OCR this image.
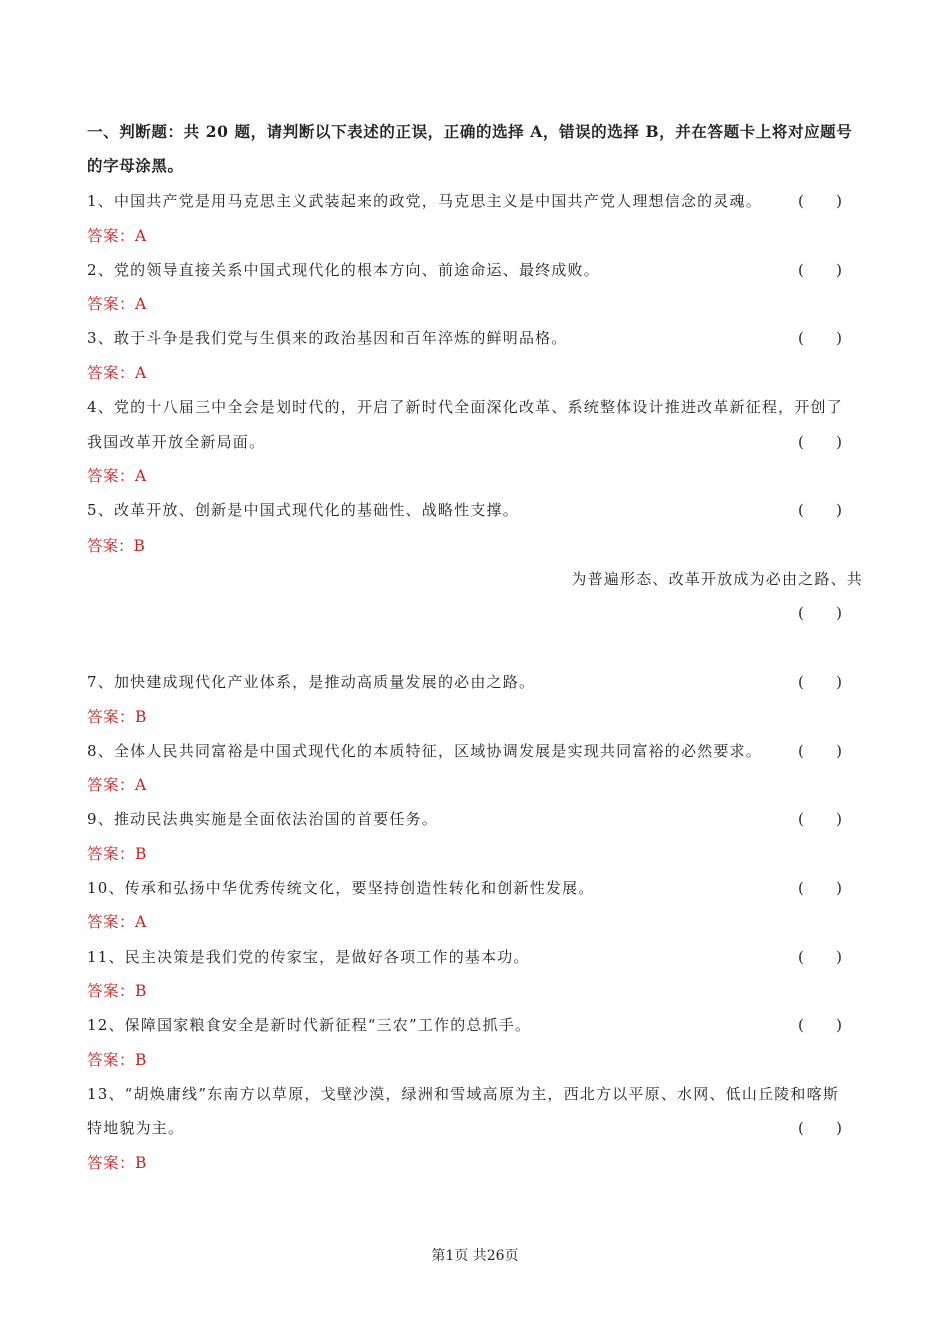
一、判断题：共 20 题，请判断以下表述的正误，正确的选择 A，错误的选择 B，并在答题卡上将对应题号
的字母涂黑。
1、中国共产党是用马克思主义武装起来的政党，马克思主义是中国共产党人理想信念的灵魂。	( )
答案：A
2、党的领导直接关系中国式现代化的根本方向、前途命运、最终成败。	( )
答案：A
3、敢于斗争是我们党与生俱来的政治基因和百年淬炼的鲜明品格。	( )
答案：A
4、党的十八届三中全会是划时代的，开启了新时代全面深化改革、系统整体设计推进改革新征程，开创了
我国改革开放全新局面。	( )
答案：A
5、改革开放、创新是中国式现代化的基础性、战略性支撑。	( )
答案：B
为普遍形态、改革开放成为必由之路、共
( )
7、加快建成现代化产业体系，是推动高质量发展的必由之路。	( )
答案：B
8、全体人民共同富裕是中国式现代化的本质特征，区域协调发展是实现共同富裕的必然要求。	( )
答案：A
9、推动民法典实施是全面依法治国的首要任务。	( )
答案：B
10、传承和弘扬中华优秀传统文化，要坚持创造性转化和创新性发展。	( )
答案：A
11、民主决策是我们党的传家宝，是做好各项工作的基本功。	( )
答案：B
12、保障国家粮食安全是新时代新征程“三农”工作的总抓手。	( )
答案：B
13、“胡焕庸线”东南方以草原，戈壁沙漠，绿洲和雪域高原为主，西北方以平原、水网、低山丘陵和喀斯
特地貌为主。	( )
答案：B
第1页 共26页
